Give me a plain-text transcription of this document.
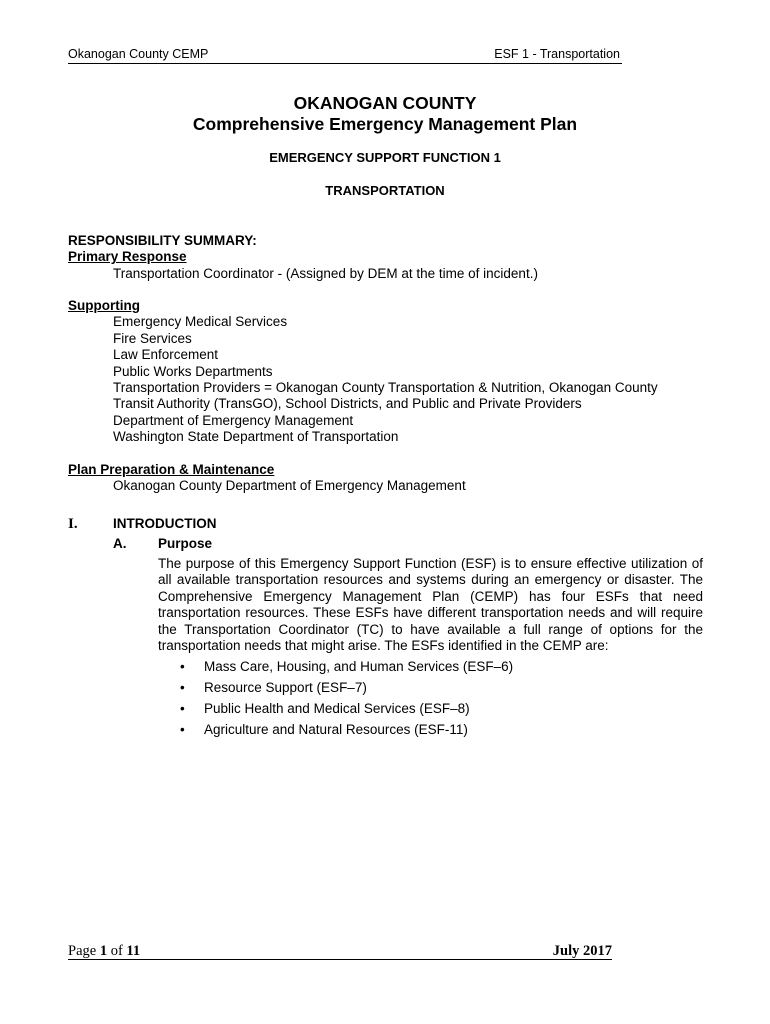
Okanogan County CEMP	ESF 1 - Transportation
OKANOGAN COUNTY
Comprehensive Emergency Management Plan
EMERGENCY SUPPORT FUNCTION 1
TRANSPORTATION
RESPONSIBILITY SUMMARY:
Primary Response
Transportation Coordinator - (Assigned by DEM at the time of incident.)
Supporting
Emergency Medical Services
Fire Services
Law Enforcement
Public Works Departments
Transportation Providers = Okanogan County Transportation & Nutrition, Okanogan County
Transit Authority (TransGO), School Districts, and Public and Private Providers
Department of Emergency Management
Washington State Department of Transportation
Plan Preparation & Maintenance
Okanogan County Department of Emergency Management
I.	INTRODUCTION
A. Purpose
The purpose of this Emergency Support Function (ESF) is to ensure effective utilization of all available transportation resources and systems during an emergency or disaster. The Comprehensive Emergency Management Plan (CEMP) has four ESFs that need transportation resources. These ESFs have different transportation needs and will require the Transportation Coordinator (TC) to have available a full range of options for the transportation needs that might arise. The ESFs identified in the CEMP are:
• Mass Care, Housing, and Human Services (ESF–6)
• Resource Support (ESF–7)
• Public Health and Medical Services (ESF–8)
• Agriculture and Natural Resources (ESF-11)
Page 1 of 11	July 2017
